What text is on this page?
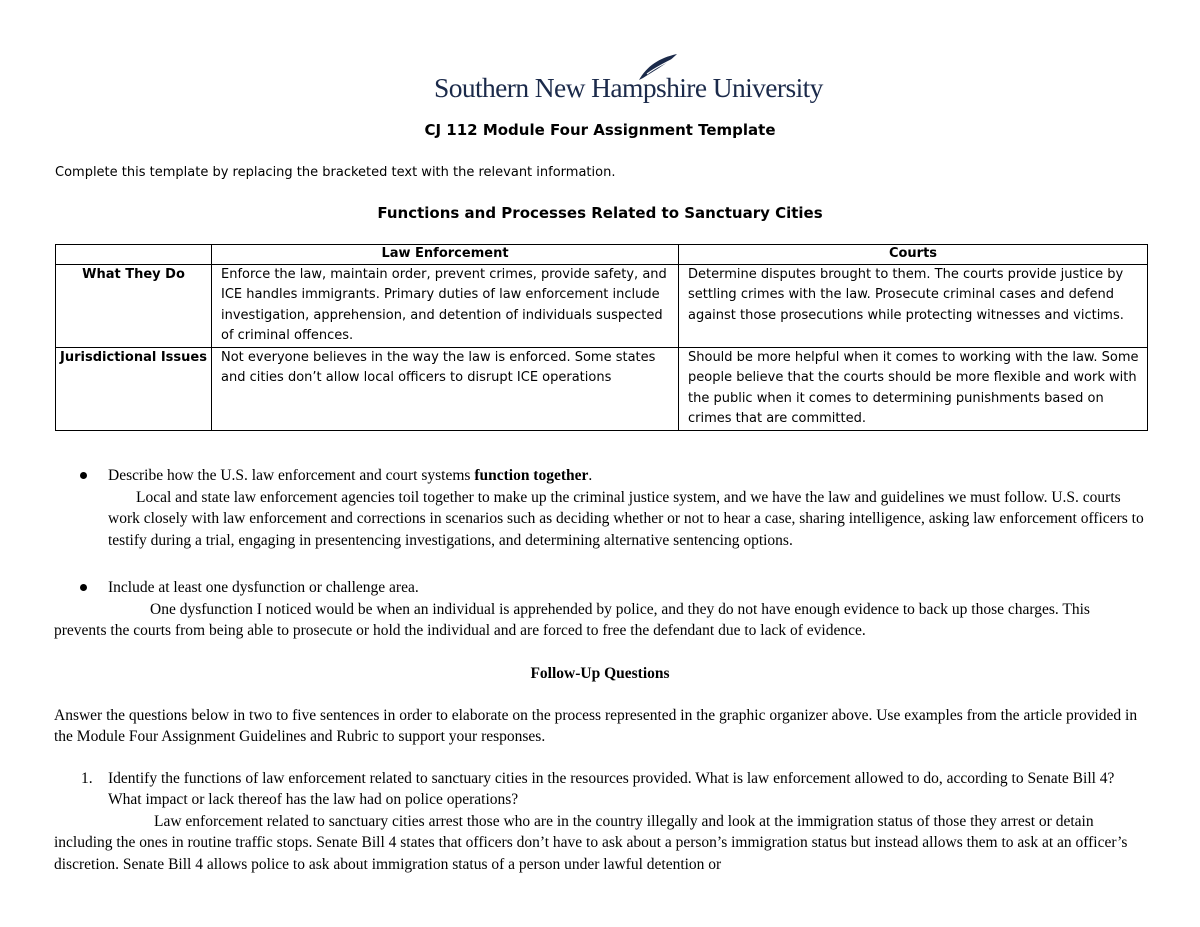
Southern New Hampshire University
CJ 112 Module Four Assignment Template
Complete this template by replacing the bracketed text with the relevant information.
Functions and Processes Related to Sanctuary Cities
	Law Enforcement	Courts
What They Do	Enforce the law, maintain order, prevent crimes, provide safety, and ICE handles immigrants. Primary duties of law enforcement include investigation, apprehension, and detention of individuals suspected of criminal offences.	Determine disputes brought to them. The courts provide justice by settling crimes with the law. Prosecute criminal cases and defend against those prosecutions while protecting witnesses and victims.
Jurisdictional Issues	Not everyone believes in the way the law is enforced. Some states and cities don’t allow local officers to disrupt ICE operations	Should be more helpful when it comes to working with the law. Some people believe that the courts should be more flexible and work with the public when it comes to determining punishments based on crimes that are committed.
Describe how the U.S. law enforcement and court systems function together.
Local and state law enforcement agencies toil together to make up the criminal justice system, and we have the law and guidelines we must follow. U.S. courts work closely with law enforcement and corrections in scenarios such as deciding whether or not to hear a case, sharing intelligence, asking law enforcement officers to testify during a trial, engaging in presentencing investigations, and determining alternative sentencing options.
Include at least one dysfunction or challenge area.
One dysfunction I noticed would be when an individual is apprehended by police, and they do not have enough evidence to back up those charges. This prevents the courts from being able to prosecute or hold the individual and are forced to free the defendant due to lack of evidence.
Follow-Up Questions
Answer the questions below in two to five sentences in order to elaborate on the process represented in the graphic organizer above. Use examples from the article provided in the Module Four Assignment Guidelines and Rubric to support your responses.
1. Identify the functions of law enforcement related to sanctuary cities in the resources provided. What is law enforcement allowed to do, according to Senate Bill 4? What impact or lack thereof has the law had on police operations?
Law enforcement related to sanctuary cities arrest those who are in the country illegally and look at the immigration status of those they arrest or detain including the ones in routine traffic stops. Senate Bill 4 states that officers don’t have to ask about a person’s immigration status but instead allows them to ask at an officer’s discretion. Senate Bill 4 allows police to ask about immigration status of a person under lawful detention or
